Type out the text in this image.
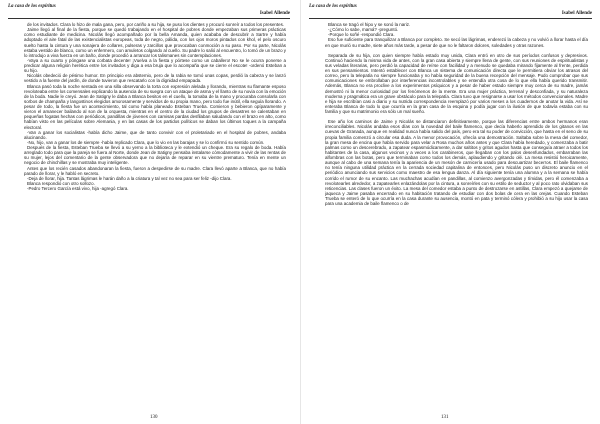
La casa de los espíritus
Isabel Allende

de los invitados. Clara lo hizo de mala gana, pero, por cariño a su hija, se puso los dientes y procuró sonreír a todos los presentes.

Jaime llegó al final de la fiesta, porque se quedó trabajando en el hospital de pobres donde empezaban sus primeras prácticas como estudiante de medicina. Nicolás llegó acompañado por la bella Amanda, quien acababa de descubrir a Sartre y había adoptado el aire fatal de las existencialistas europeas, toda de negro, pálida, con los ojos moros pintados con khol, el pelo oscuro suelto hasta la cintura y una sonajera de collares, pulseras y zarcillos que provocaban conmoción a su paso. Por su parte, Nicolás estaba vestido de blanco, como un enfermero, con amuletos colgando al cuello. Su padre lo salió al encuentro, lo tomó de un brazo y lo introdujo a viva fuerza en un baño, donde procedió a arrancar los talismanes sin contemplaciones.

-Vaya a su cuarto y póngase una corbata decente! ¡Vuelva a la fiesta y pórtese como un caballero! No se le ocurra ponerse a predicar alguna religión herética entre los invitados y diga a esa bruja que lo acompaña que se cierre el escote! -ordenó Esteban a su hijo.

Nicolás obedeció de pésimo humor. En principio era abstemio, pero de la rabia se tomó unas copas, perdió la cabeza y se lanzó vestido a la fuente del jardín, de donde tuvieron que rescatarlo con la dignidad empapada.

Blanca pasó toda la noche sentada en una silla observando la torta con expresión alelada y llorando, mientras su flamante esposo revoloteaba entre los comensales explicando la ausencia de su suegra con un ataque de asma y el llanto de su novia con la emoción de la boda. Nadie le creyó. Jean de Satigny le daba a Blanca besitos en el cuello, la tomaba de la mano y procuraba consolarla con sorbos de champaña y langostinos elegidos amorosamente y servidos de su propia mano, pero todo fue inútil, ella seguía llorando. A pesar de todo, la fiesta fue un acontecimiento, tal como había planeado Esteban Trueba. Comieron y bebieron opíparamente y vieron el amanecer bailando al son de la orquesta, mientras en el centro de la ciudad los grupos de desastres se calentaban en pequeñas fogatas hechas con periódicos, pandillas de jóvenes con camisas pardas desfilaban saludando con el brazo en alto, como habían visto en las películas sobre Alemania, y en las casas de los partidos políticos se daban los últimos toques a la campaña electoral.

-Van a ganar los socialistas -había dicho Jaime, que de tanto convivir con el proletariado en el hospital de pobres, andaba alucinando.

-No, hijo, van a ganar los de siempre -había replicado Clara, que lo vio en las barajas y se lo confirmó su sentido común.

Después de la fiesta, Esteban Trueba se llevó a su yerno a la biblioteca y le extendió un cheque. Era su regalo de boda. Había arreglado todo para que la pareja se fuera al Norte, donde Jean de Satigny pensaba instalarse cómodamente a vivir de las rentas de su mujer, lejos del comentario de la gente observadora que no dejaría de reparar en su vientre prematuro. Tenía en mente un negocio de chinchillas y se mostraba muy inteligente.

Antes que los recién casados abandonaran la fiesta, fueron a despedirse de su madre. Clara llevó aparte a Blanca, que no había parado de llorar, y le habló en secreto.

-Deja de llorar, hija. Tantas lágrimas le harán daño a la criatura y tal vez no sea para ser feliz -dijo Clara.

Blanca respondió con otro sollozo.

-Pedro Tercero García está vivo, hija -agregó Clara.

130
La casa de los espíritus
Isabel Allende

Blanca se tragó el hipo y se sonó la nariz.

-¿Cómo lo sabe, mamá? -preguntó.

-Porque lo soñé -respondió Clara.

Eso fue suficiente para tranquilizar a Blanca por completo. Se secó las lágrimas, enderezó la cabeza y no volvió a llorar hasta el día en que murió su madre, siete años más tarde, a pesar de que no le faltaron dolores, soledades y otras razones.

Separada de su hija, con quien siempre había estado muy unida, Clara entró en otro de sus períodos confusos y depresivos. Continuó haciendo la misma vida de antes, con la gran casa abierta y siempre llena de gente, con sus reuniones de espiritualistas y sus veladas literarias, pero perdió la capacidad de reírse con facilidad y a menudo se quedaba mirando fijamente al frente, perdida en sus pensamientos. Intentó establecer con Blanca un sistema de comunicación directa que le permitiera obviar los atrasos del correo, pero la telepatía no siempre funcionaba y no había seguridad de la buena recepción del mensaje. Pudo comprobar que sus comunicaciones se embrollaban por interferencias incontrolables y se entendía otra cosa de lo que ella había querido transmitir. Además, Blanca no era proclive a los experimentos psíquicos y a pesar de haber estado siempre muy cerca de su madre, jamás demostró ni la menor curiosidad por los fenómenos de la mente. Era una mujer práctica, terrenal y desconfiada, y su naturaleza moderna y pragmática era un grave obstáculo para la telepatía. Clara tuvo que resignarse a usar los métodos convencionales. Madre e hija se escribían casi a diario y su nutrida correspondencia reemplazó por varios meses a los cuadernos de anotar la vida. Así se enteraba Blanca de todo lo que ocurría en la gran casa de la esquina y podía jugar con la ilusión de que todavía estaba con su familia y que su matrimonio era sólo un mal sueño.

Ese año los caminos de Jaime y Nicolás se distanciaron definitivamente, porque las diferencias entre ambos hermanos eran irreconciliables. Nicolás andaba esos días con la novedad del baile flamenco, que decía haberlo aprendido de los gitanos en las cuevas de Granada, aunque en realidad nunca había salido del país, pero era tal su poder de convicción, que hasta en el seno de su propia familia comenzó a circular esa duda. A la menor provocación, ofrecía una demostración. Saltaba sobre la mesa del comedor, la gran mesa de encina que había servido para velar a Rosa muchos años antes y que Clara había heredado, y comenzaba a batir palmas como un descerebrado, a zapatear espasmódicamente, a dar saltitos y gritos agudos hasta que conseguía atraer a todos los habitantes de la casa, algunos vecinos y a veces a los carabineros, que llegaban con los palos desenfundados, embarraban las alfombras con las botas, pero que terminaban como todos los demás, aplaudiendo y gritando olé. La mesa resistió heroicamente, aunque al cabo de una semana tenía la apariencia de un mesón de carnicería usado para descuartizar becerros. El baile flamenco no tenía ninguna utilidad práctica en la cerrada sociedad capitalina de entonces, pero Nicolás puso un discreto anuncio en el periódico anunciando sus servicios como maestro de esa lengua danza. Al día siguiente tenía una alumna y a la semana se había corrido el rumor de su encanto. Las muchachas acudían en pandillas, al comienzo avergonzadas y tímidas, pero él comenzaba a revolotearles alrededor, a zapatearles enlazándolas por la cintura, a sonreírles con su estilo de seductor y al poco rato olvidaban sus reticencias. Las clases fueron un éxito. La mesa del comedor estaba a punto de destrozarse en astillas, Clara empezó a quejarse de jaqueca y Jaime pasaba encerrado en su habitación tratando de estudiar con dos bolas de cera en las orejas. Cuando Esteban Trueba se enteró de lo que ocurría en la casa durante su ausencia, montó en pata y terminó cólera y prohibió a su hijo usar la casa para una academia de baile flamenco o de

131
